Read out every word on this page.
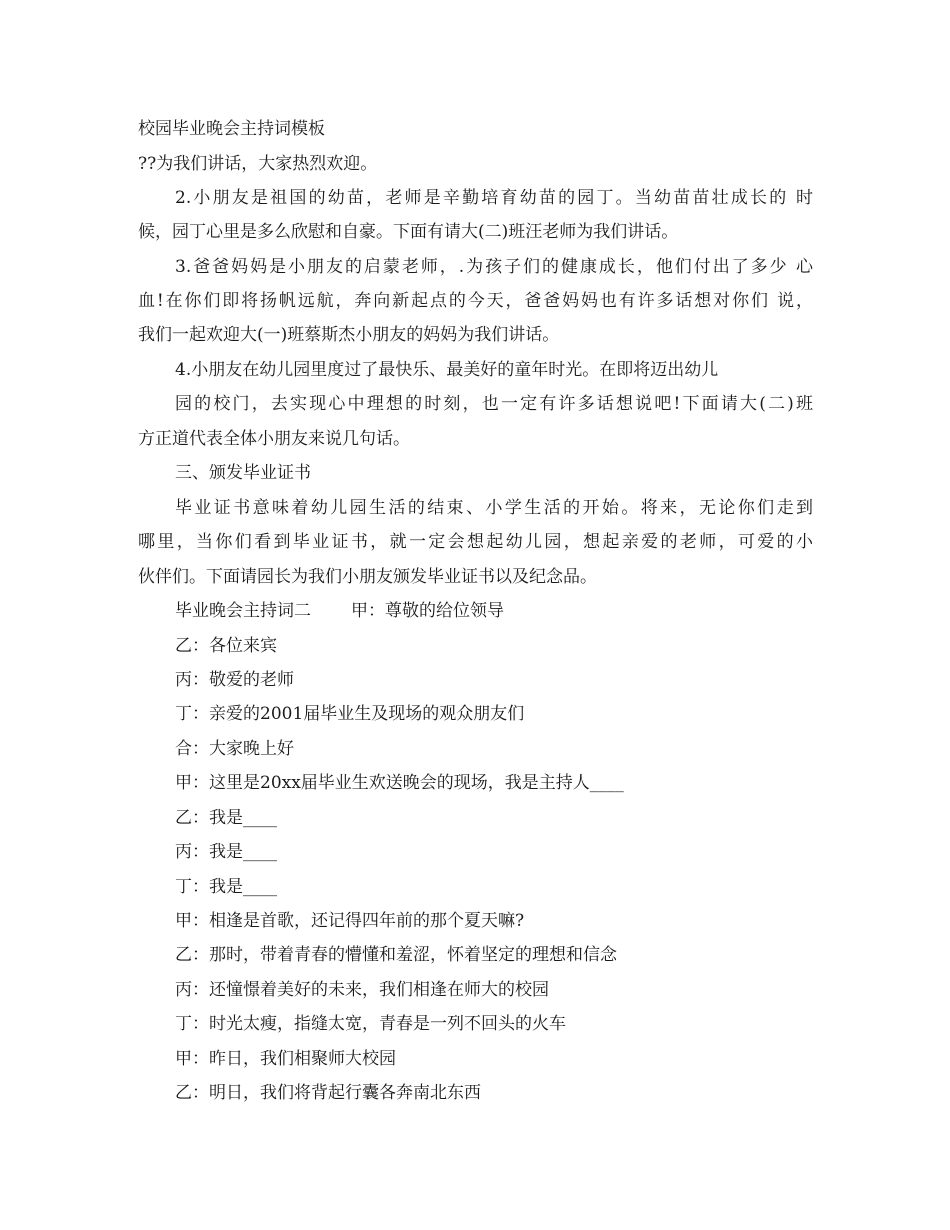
校园毕业晚会主持词模板
??为我们讲话，大家热烈欢迎。
2.小朋友是祖国的幼苗，老师是辛勤培育幼苗的园丁。当幼苗苗壮成长的 时
候，园丁心里是多么欣慰和自豪。下面有请大(二)班汪老师为我们讲话。
3.爸爸妈妈是小朋友的启蒙老师，.为孩子们的健康成长，他们付出了多少 心
血!在你们即将扬帆远航，奔向新起点的今天，爸爸妈妈也有许多话想对你们 说，
我们一起欢迎大(一)班蔡斯杰小朋友的妈妈为我们讲话。
4.小朋友在幼儿园里度过了最快乐、最美好的童年时光。在即将迈出幼儿
园的校门，去实现心中理想的时刻，也一定有许多话想说吧!下面请大(二)班
方正道代表全体小朋友来说几句话。
三、颁发毕业证书
毕业证书意味着幼儿园生活的结束、小学生活的开始。将来，无论你们走到
哪里，当你们看到毕业证书，就一定会想起幼儿园，想起亲爱的老师，可爱的小
伙伴们。下面请园长为我们小朋友颁发毕业证书以及纪念品。
毕业晚会主持词二 甲：尊敬的给位领导
乙：各位来宾
丙：敬爱的老师
丁：亲爱的2001届毕业生及现场的观众朋友们
合：大家晚上好
甲：这里是20xx届毕业生欢送晚会的现场，我是主持人____
乙：我是____
丙：我是____
丁：我是____
甲：相逢是首歌，还记得四年前的那个夏天嘛?
乙：那时，带着青春的懵懂和羞涩，怀着坚定的理想和信念
丙：还憧憬着美好的未来，我们相逢在师大的校园
丁：时光太瘦，指缝太宽，青春是一列不回头的火车
甲：昨日，我们相聚师大校园
乙：明日，我们将背起行囊各奔南北东西
